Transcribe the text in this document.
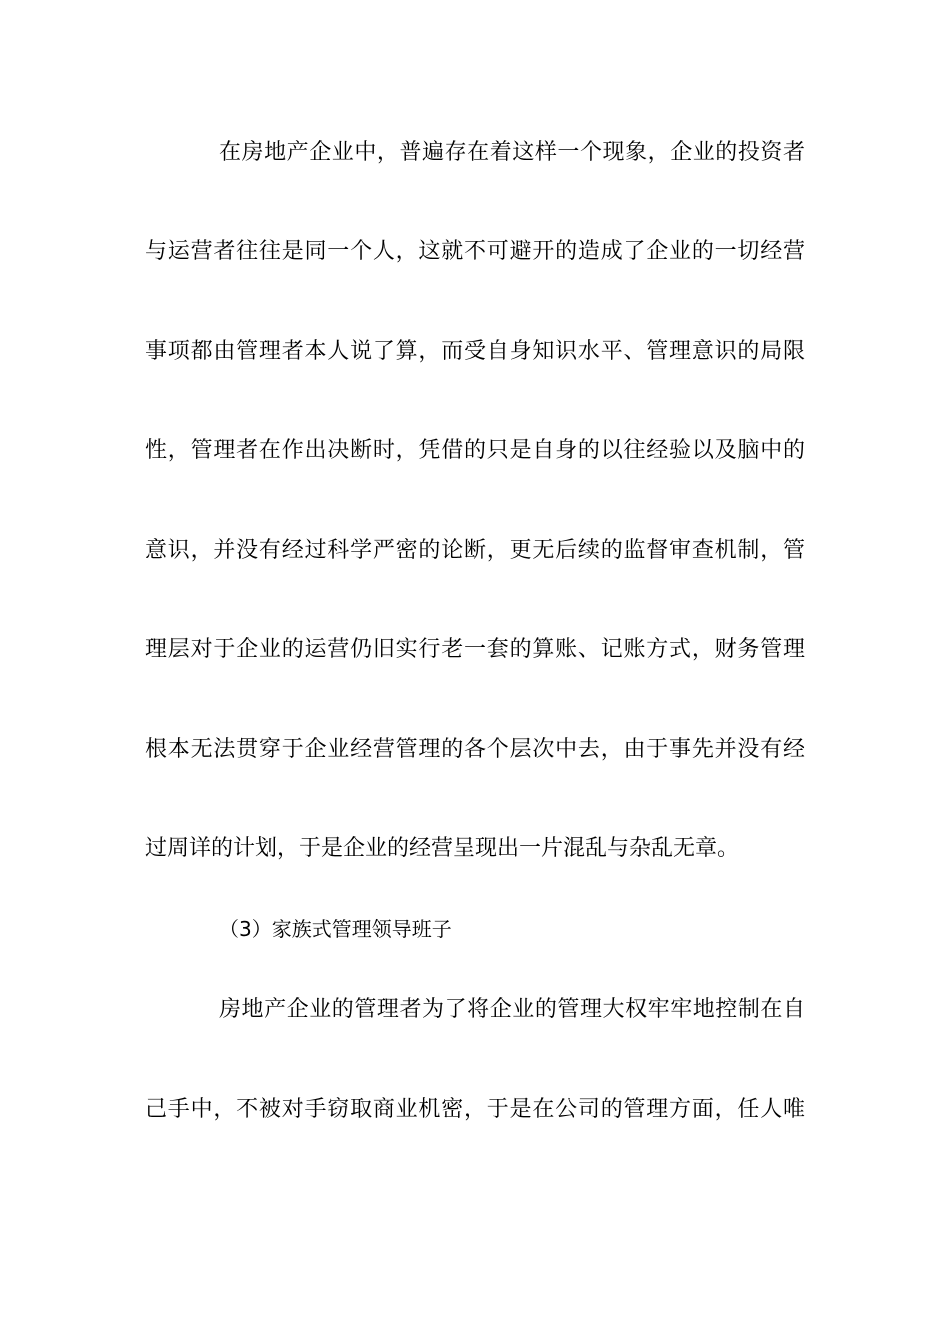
在房地产企业中，普遍存在着这样一个现象，企业的投资者
与运营者往往是同一个人，这就不可避开的造成了企业的一切经营
事项都由管理者本人说了算，而受自身知识水平、管理意识的局限
性，管理者在作出决断时，凭借的只是自身的以往经验以及脑中的
意识，并没有经过科学严密的论断，更无后续的监督审查机制，管
理层对于企业的运营仍旧实行老一套的算账、记账方式，财务管理
根本无法贯穿于企业经营管理的各个层次中去，由于事先并没有经
过周详的计划，于是企业的经营呈现出一片混乱与杂乱无章。
（3）家族式管理领导班子
房地产企业的管理者为了将企业的管理大权牢牢地控制在自
己手中，不被对手窃取商业机密，于是在公司的管理方面，任人唯
